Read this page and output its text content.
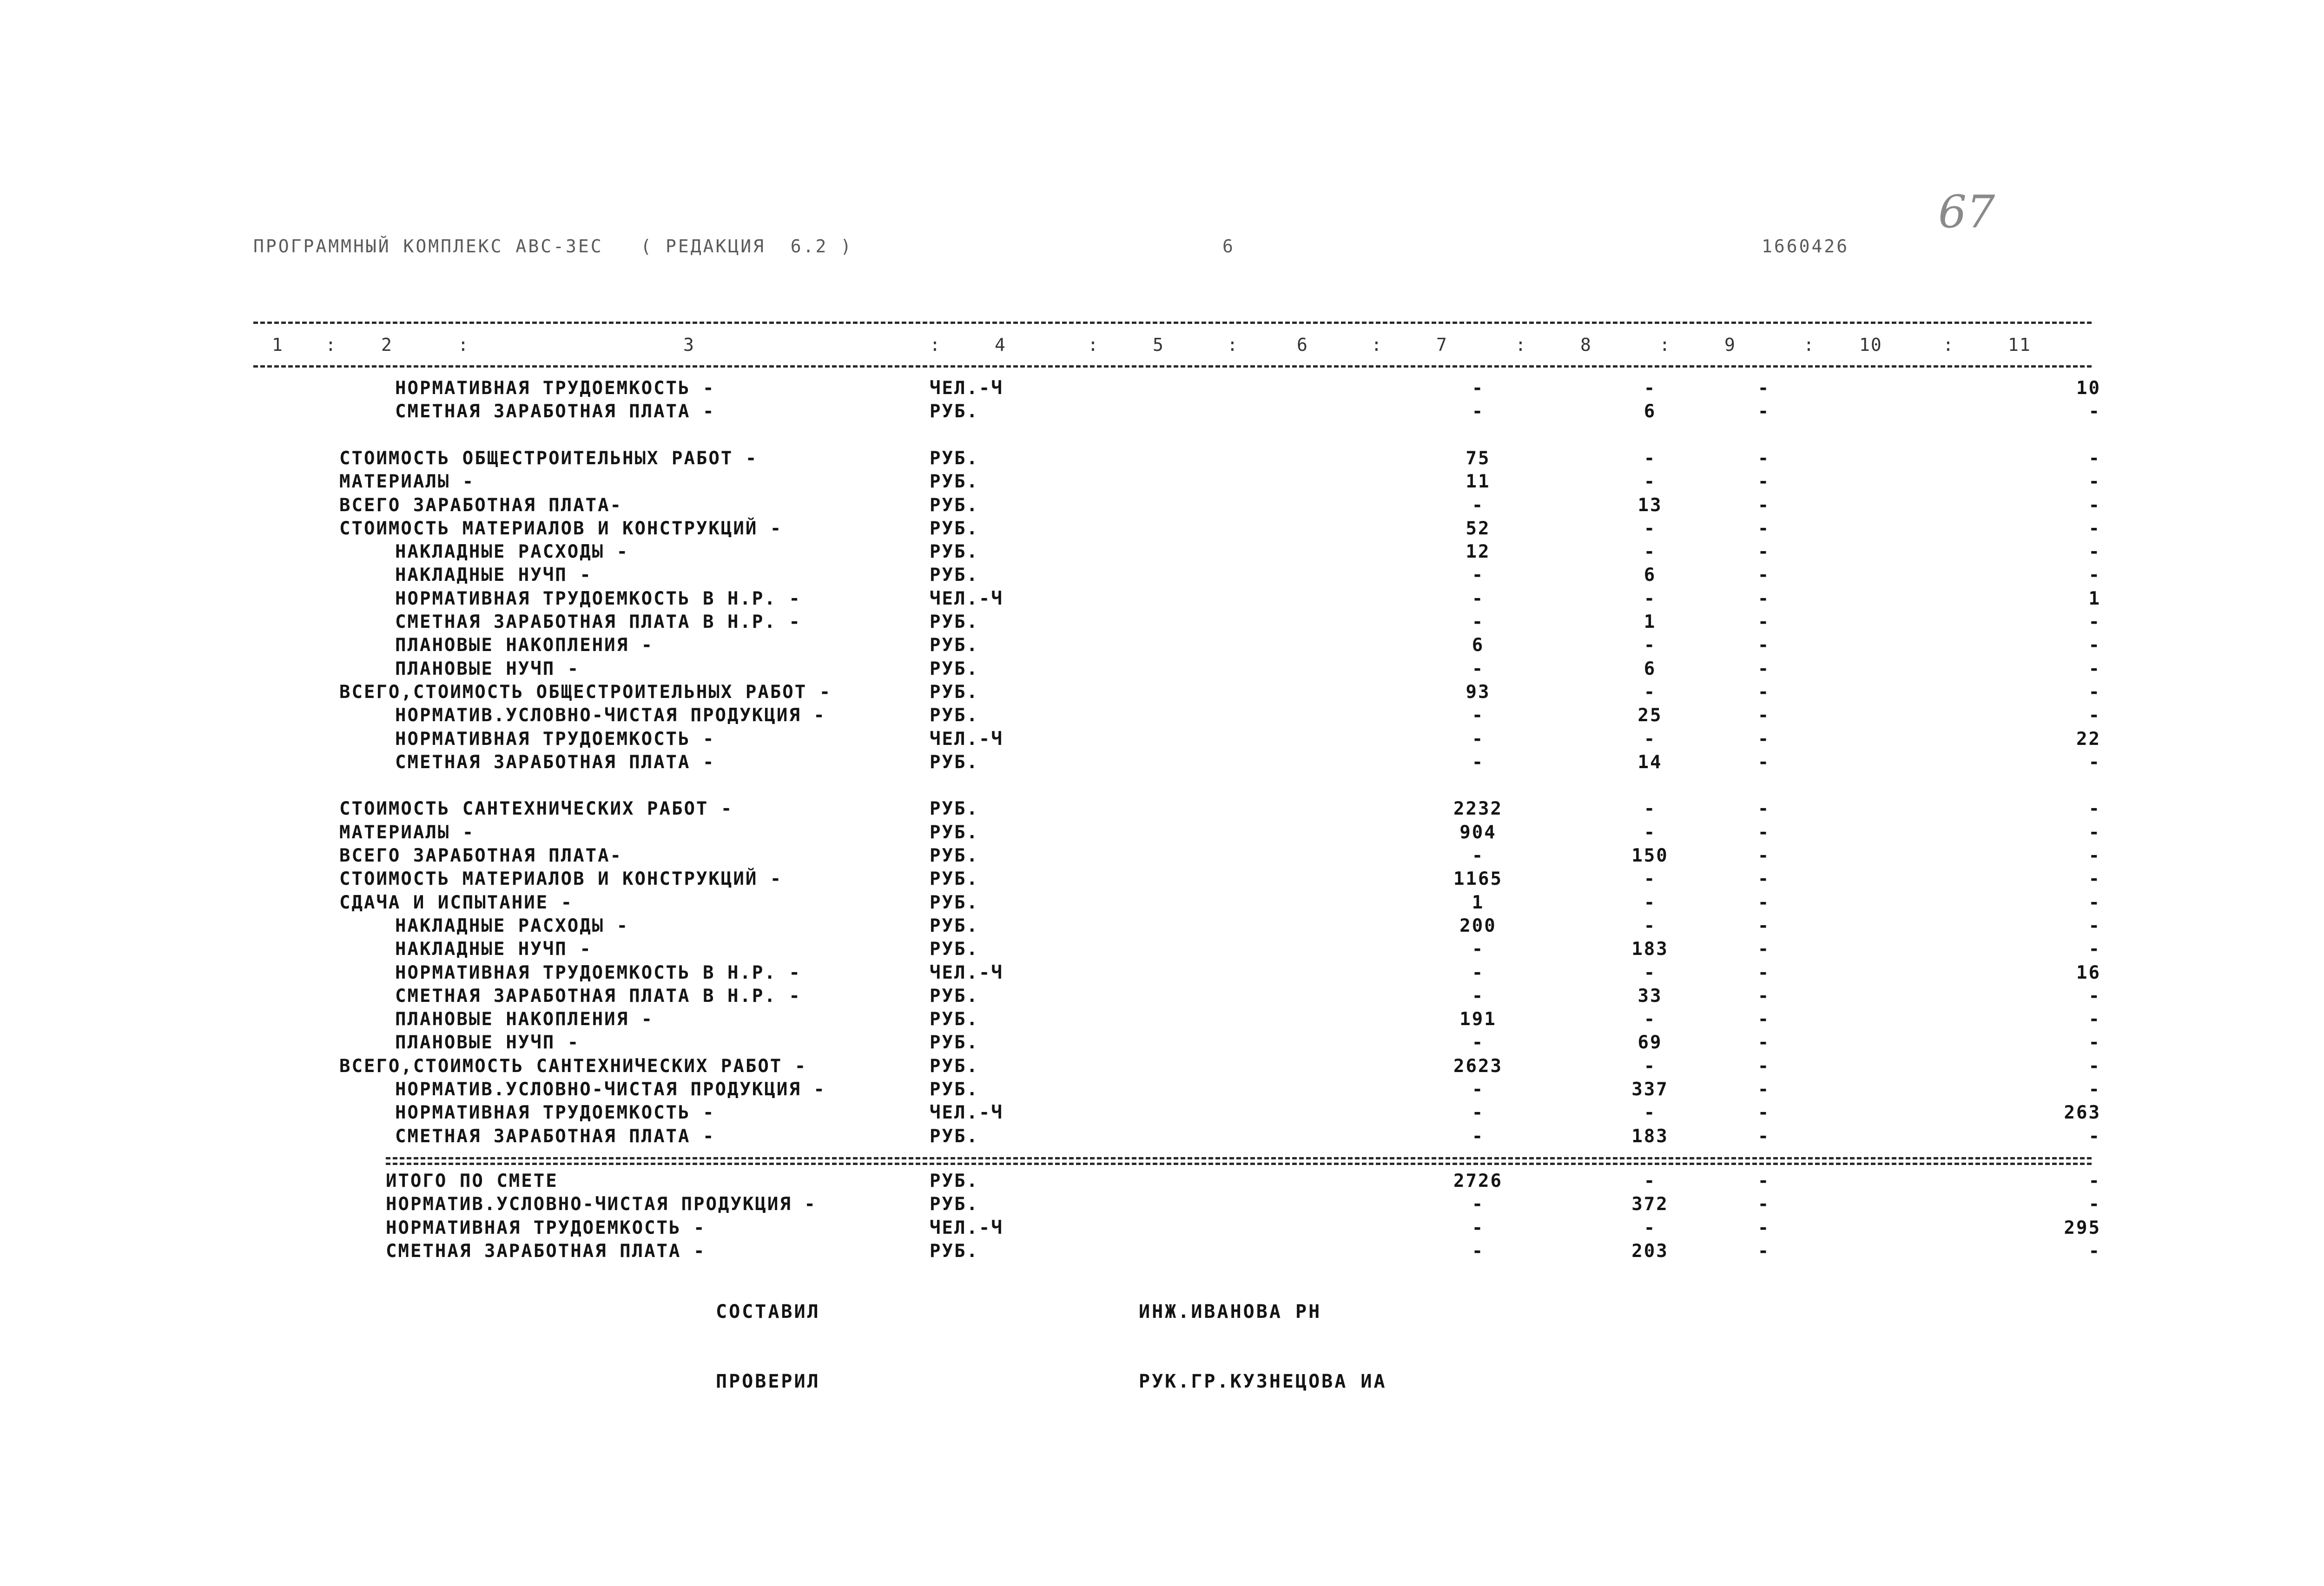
ПРОГРАММНЫЙ КОМПЛЕКС АВС-ЗЕС   ( РЕДАКЦИЯ  6.2 )	6	1660426
67
1	2	3	4	5	6	7	8	9	10	11
:	:	:	:	:	:	:	:	:	:
НОРМАТИВНАЯ ТРУДОЕМКОСТЬ -	ЧЕЛ.-Ч	-	-	-	10
СМЕТНАЯ ЗАРАБОТНАЯ ПЛАТА -	РУБ.	-	6	-	-
СТОИМОСТЬ ОБЩЕСТРОИТЕЛЬНЫХ РАБОТ -	РУБ.	75	-	-	-
МАТЕРИАЛЫ -	РУБ.	11	-	-	-
ВСЕГО ЗАРАБОТНАЯ ПЛАТА-	РУБ.	-	13	-	-
СТОИМОСТЬ МАТЕРИАЛОВ И КОНСТРУКЦИЙ -	РУБ.	52	-	-	-
НАКЛАДНЫЕ РАСХОДЫ -	РУБ.	12	-	-	-
НАКЛАДНЫЕ НУЧП -	РУБ.	-	6	-	-
НОРМАТИВНАЯ ТРУДОЕМКОСТЬ В Н.Р. -	ЧЕЛ.-Ч	-	-	-	1
СМЕТНАЯ ЗАРАБОТНАЯ ПЛАТА В Н.Р. -	РУБ.	-	1	-	-
ПЛАНОВЫЕ НАКОПЛЕНИЯ -	РУБ.	6	-	-	-
ПЛАНОВЫЕ НУЧП -	РУБ.	-	6	-	-
ВСЕГО,СТОИМОСТЬ ОБЩЕСТРОИТЕЛЬНЫХ РАБОТ -	РУБ.	93	-	-	-
НОРМАТИВ.УСЛОВНО-ЧИСТАЯ ПРОДУКЦИЯ -	РУБ.	-	25	-	-
НОРМАТИВНАЯ ТРУДОЕМКОСТЬ -	ЧЕЛ.-Ч	-	-	-	22
СМЕТНАЯ ЗАРАБОТНАЯ ПЛАТА -	РУБ.	-	14	-	-
СТОИМОСТЬ САНТЕХНИЧЕСКИХ РАБОТ -	РУБ.	2232	-	-	-
МАТЕРИАЛЫ -	РУБ.	904	-	-	-
ВСЕГО ЗАРАБОТНАЯ ПЛАТА-	РУБ.	-	150	-	-
СТОИМОСТЬ МАТЕРИАЛОВ И КОНСТРУКЦИЙ -	РУБ.	1165	-	-	-
СДАЧА И ИСПЫТАНИЕ -	РУБ.	1	-	-	-
НАКЛАДНЫЕ РАСХОДЫ -	РУБ.	200	-	-	-
НАКЛАДНЫЕ НУЧП -	РУБ.	-	183	-	-
НОРМАТИВНАЯ ТРУДОЕМКОСТЬ В Н.Р. -	ЧЕЛ.-Ч	-	-	-	16
СМЕТНАЯ ЗАРАБОТНАЯ ПЛАТА В Н.Р. -	РУБ.	-	33	-	-
ПЛАНОВЫЕ НАКОПЛЕНИЯ -	РУБ.	191	-	-	-
ПЛАНОВЫЕ НУЧП -	РУБ.	-	69	-	-
ВСЕГО,СТОИМОСТЬ САНТЕХНИЧЕСКИХ РАБОТ -	РУБ.	2623	-	-	-
НОРМАТИВ.УСЛОВНО-ЧИСТАЯ ПРОДУКЦИЯ -	РУБ.	-	337	-	-
НОРМАТИВНАЯ ТРУДОЕМКОСТЬ -	ЧЕЛ.-Ч	-	-	-	263
СМЕТНАЯ ЗАРАБОТНАЯ ПЛАТА -	РУБ.	-	183	-	-
ИТОГО ПО СМЕТЕ	РУБ.	2726	-	-	-
НОРМАТИВ.УСЛОВНО-ЧИСТАЯ ПРОДУКЦИЯ -	РУБ.	-	372	-	-
НОРМАТИВНАЯ ТРУДОЕМКОСТЬ -	ЧЕЛ.-Ч	-	-	-	295
СМЕТНАЯ ЗАРАБОТНАЯ ПЛАТА -	РУБ.	-	203	-	-
СОСТАВИЛ	ИНЖ.ИВАНОВА РН
ПРОВЕРИЛ	РУК.ГР.КУЗНЕЦОВА ИА
